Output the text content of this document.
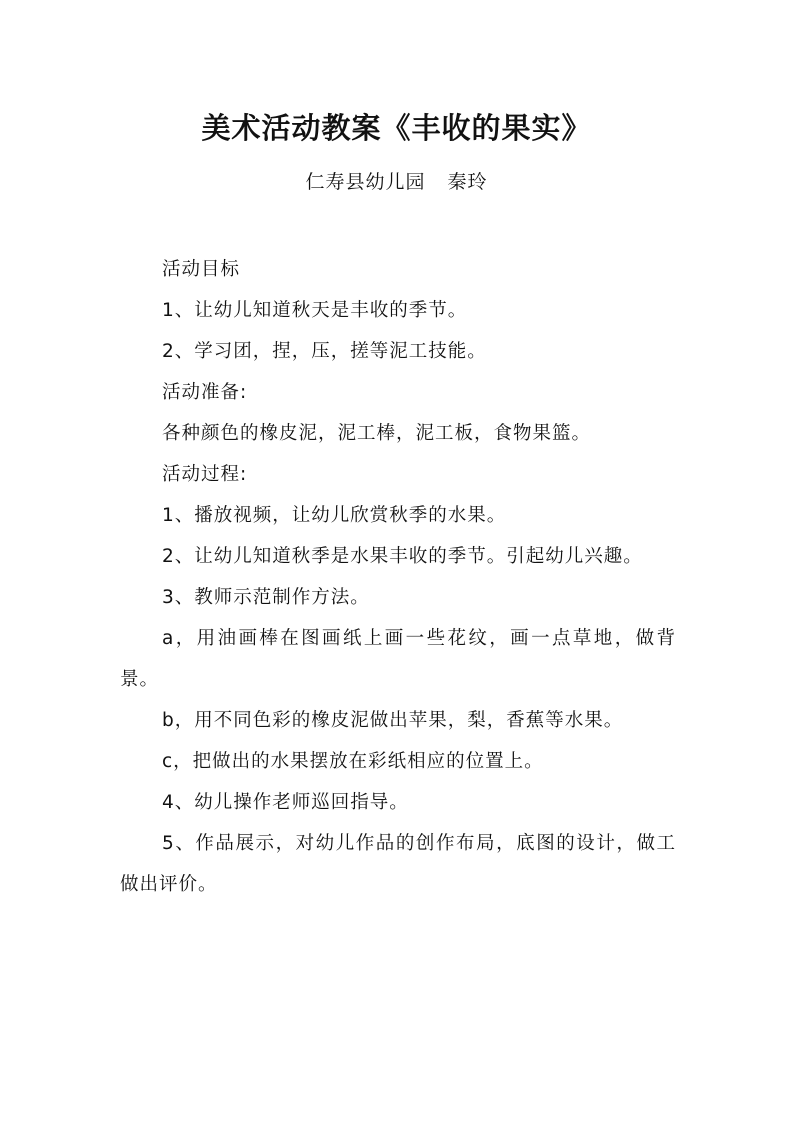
美术活动教案《丰收的果实》
仁寿县幼儿园 秦玲
活动目标
1、让幼儿知道秋天是丰收的季节。
2、学习团，捏，压，搓等泥工技能。
活动准备:
各种颜色的橡皮泥，泥工棒，泥工板，食物果篮。
活动过程:
1、播放视频，让幼儿欣赏秋季的水果。
2、让幼儿知道秋季是水果丰收的季节。引起幼儿兴趣。
3、教师示范制作方法。
a，用油画棒在图画纸上画一些花纹，画一点草地，做背景。
b，用不同色彩的橡皮泥做出苹果，梨，香蕉等水果。
c，把做出的水果摆放在彩纸相应的位置上。
4、幼儿操作老师巡回指导。
5、作品展示，对幼儿作品的创作布局，底图的设计，做工做出评价。
